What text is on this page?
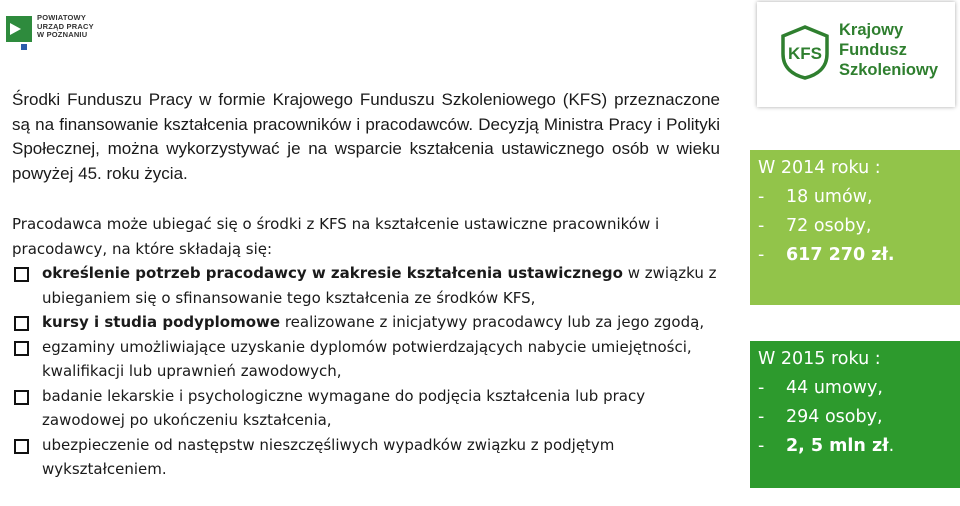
POWIATOWY
URZĄD PRACY
W POZNANIU
KFS
Krajowy
Fundusz
Szkoleniowy
Środki Funduszu Pracy w formie Krajowego Funduszu Szkoleniowego (KFS) przeznaczone są na finansowanie kształcenia pracowników i pracodawców. Decyzją Ministra Pracy i Polityki Społecznej, można wykorzystywać je na wsparcie kształcenia ustawicznego osób w wieku powyżej 45. roku życia.

Pracodawca może ubiegać się o środki z KFS na kształcenie ustawiczne pracowników i pracodawcy, na które składają się:

określenie potrzeb pracodawcy w zakresie kształcenia ustawicznego w związku z ubieganiem się o sfinansowanie tego kształcenia ze środków KFS,
kursy i studia podyplomowe realizowane z inicjatywy pracodawcy lub za jego zgodą,
egzaminy umożliwiające uzyskanie dyplomów potwierdzających nabycie umiejętności, kwalifikacji lub uprawnień zawodowych,
badanie lekarskie i psychologiczne wymagane do podjęcia kształcenia lub pracy zawodowej po ukończeniu kształcenia,
ubezpieczenie od następstw nieszczęśliwych wypadków związku z podjętym wykształceniem.
W 2014 roku :
- 18 umów,
- 72 osoby,
- 617 270 zł.
W 2015 roku :
- 44 umowy,
- 294 osoby,
- 2, 5 mln zł.
